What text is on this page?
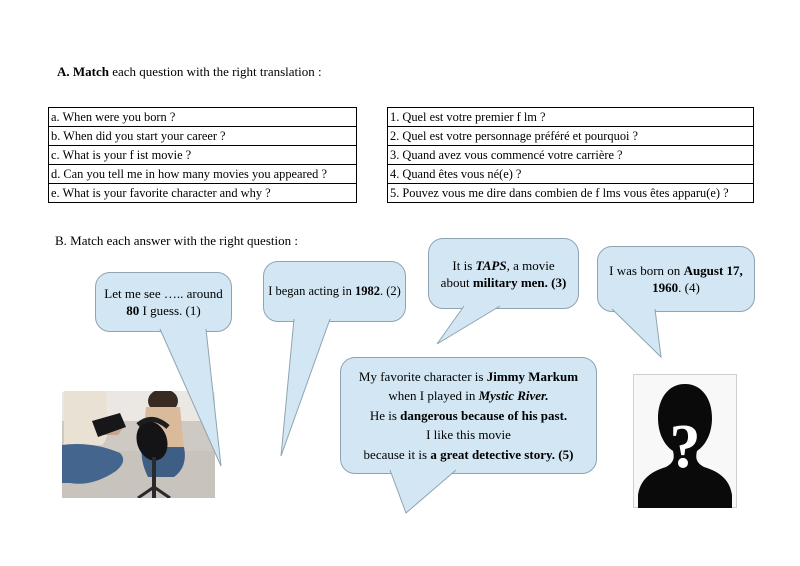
A. Match each question with the right translation :
a. When were you born ?
b. When did you start your career ?
c. What is your f ist movie ?
d. Can you tell me in how many movies you appeared ?
e. What is your favorite character and why ?
1. Quel est votre premier f lm ?
2. Quel est votre personnage préféré et pourquoi ?
3. Quand avez vous commencé votre carrière ?
4. Quand êtes vous né(e) ?
5. Pouvez vous me dire dans combien de f lms vous êtes apparu(e) ?
B. Match each answer with the right question :
Let me see ….. around
80 I guess. (1)
I began acting in 1982. (2)
It is TAPS, a movie
about military men. (3)
I was born on August 17,
1960. (4)
My favorite character is Jimmy Markum
when I played in Mystic River.
He is dangerous because of his past.
I like this movie
because it is a great detective story. (5) ?
